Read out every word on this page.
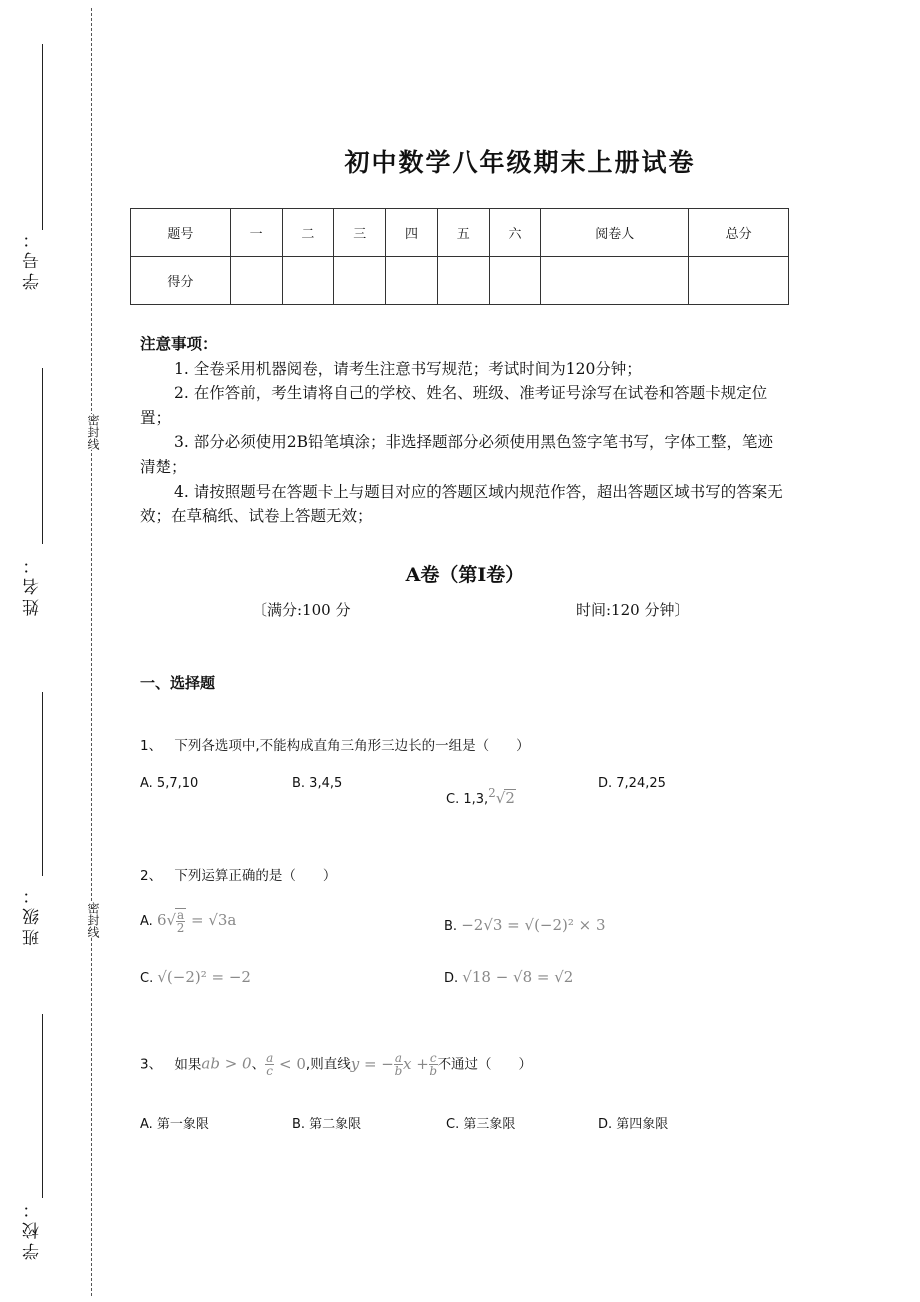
学号：
姓名：
班级：
学校：
密封线
密封线
初中数学八年级期末上册试卷
题号	一	二	三	四	五	六	阅卷人	总分
得分								
注意事项：

1. 全卷采用机器阅卷，请考生注意书写规范；考试时间为120分钟；

2. 在作答前，考生请将自己的学校、姓名、班级、准考证号涂写在试卷和答题卡规定位置；

3. 部分必须使用2B铅笔填涂；非选择题部分必须使用黑色签字笔书写，字体工整，笔迹清楚；

4. 请按照题号在答题卡上与题目对应的答题区域内规范作答，超出答题区域书写的答案无效；在草稿纸、试卷上答题无效；

A卷（第I卷）
〔满分:100 分	时间:120 分钟〕
一、选择题
1、 下列各选项中,不能构成直角三角形三边长的一组是（　　）
A. 5,7,10	B. 3,4,5
C. 1,3,$^2$√2
D. 7,24,25
2、 下列运算正确的是（　　）
A. $6√ \frac{a}{2} = √3a$	B. −2√3 = √(−2)² × 3
C. √(−2)² = −2	D. √18 − √8 = √2
3、 如果ab > 0、 $\frac{a}{c} < 0$,则直线y = − $\frac{a}{b}$ $x + \frac{c}{b}$ 不通过（　　）
A. 第一象限	B. 第二象限	C. 第三象限	D. 第四象限
